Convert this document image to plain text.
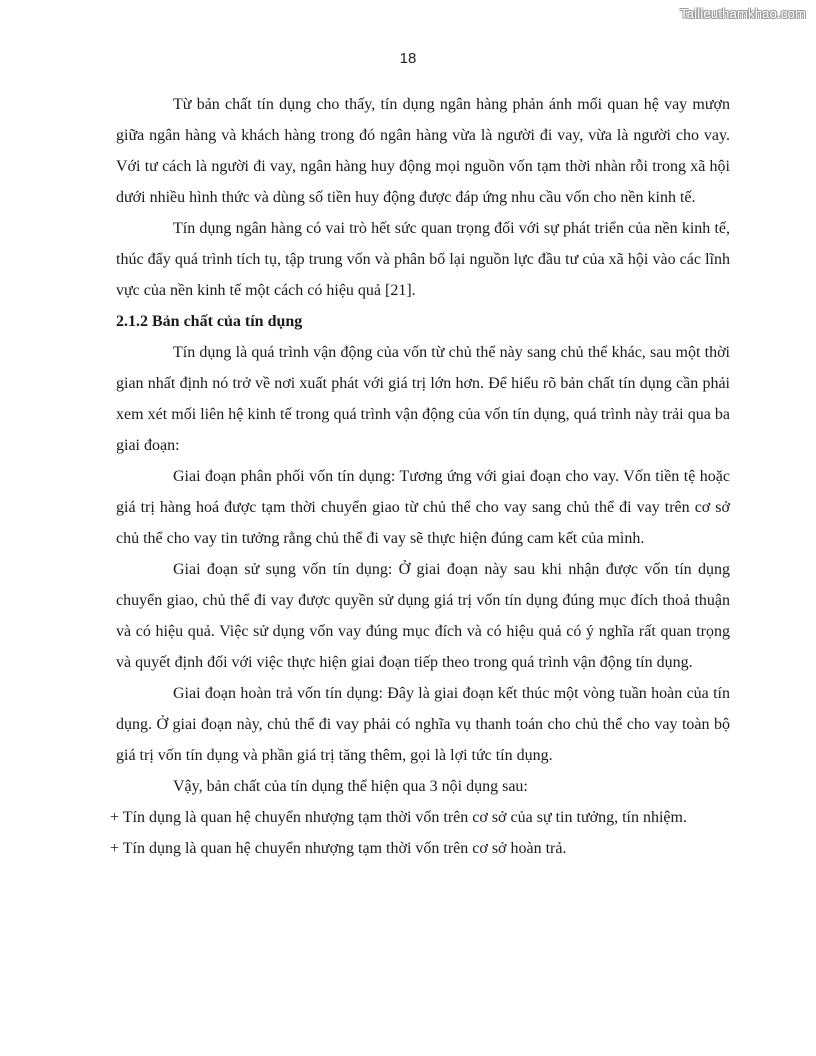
Tailieuthamkhao.com
18

Từ bản chất tín dụng cho thấy, tín dụng ngân hàng phản ánh mối quan hệ vay mượn giữa ngân hàng và khách hàng trong đó ngân hàng vừa là người đi vay, vừa là người cho vay. Với tư cách là người đi vay, ngân hàng huy động mọi nguồn vốn tạm thời nhàn rỗi trong xã hội dưới nhiều hình thức và dùng số tiền huy động được đáp ứng nhu cầu vốn cho nền kinh tế.

Tín dụng ngân hàng có vai trò hết sức quan trọng đối với sự phát triển của nền kinh tế, thúc đẩy quá trình tích tụ, tập trung vốn và phân bổ lại nguồn lực đầu tư của xã hội vào các lĩnh vực của nền kinh tế một cách có hiệu quả [21].

2.1.2 Bản chất của tín dụng

Tín dụng là quá trình vận động của vốn từ chủ thể này sang chủ thể khác, sau một thời gian nhất định nó trở về nơi xuất phát với giá trị lớn hơn. Để hiểu rõ bản chất tín dụng cần phải xem xét mối liên hệ kinh tế trong quá trình vận động của vốn tín dụng, quá trình này trải qua ba giai đoạn:

Giai đoạn phân phối vốn tín dụng: Tương ứng với giai đoạn cho vay. Vốn tiền tệ hoặc giá trị hàng hoá được tạm thời chuyển giao từ chủ thể cho vay sang chủ thể đi vay trên cơ sở chủ thể cho vay tin tưởng rằng chủ thể đi vay sẽ thực hiện đúng cam kết của mình.

Giai đoạn sử sụng vốn tín dụng: Ở giai đoạn này sau khi nhận được vốn tín dụng chuyển giao, chủ thể đi vay được quyền sử dụng giá trị vốn tín dụng đúng mục đích thoả thuận và có hiệu quả. Việc sử dụng vốn vay đúng mục đích và có hiệu quả có ý nghĩa rất quan trọng và quyết định đối với việc thực hiện giai đoạn tiếp theo trong quá trình vận động tín dụng.

Giai đoạn hoàn trả vốn tín dụng: Đây là giai đoạn kết thúc một vòng tuần hoàn của tín dụng. Ở giai đoạn này, chủ thể đi vay phải có nghĩa vụ thanh toán cho chủ thể cho vay toàn bộ giá trị vốn tín dụng và phần giá trị tăng thêm, gọi là lợi tức tín dụng.

Vậy, bản chất của tín dụng thể hiện qua 3 nội dụng sau:

+ Tín dụng là quan hệ chuyển nhượng tạm thời vốn trên cơ sở của sự tin tưởng, tín nhiệm.
+ Tín dụng là quan hệ chuyển nhượng tạm thời vốn trên cơ sở hoàn trả.
